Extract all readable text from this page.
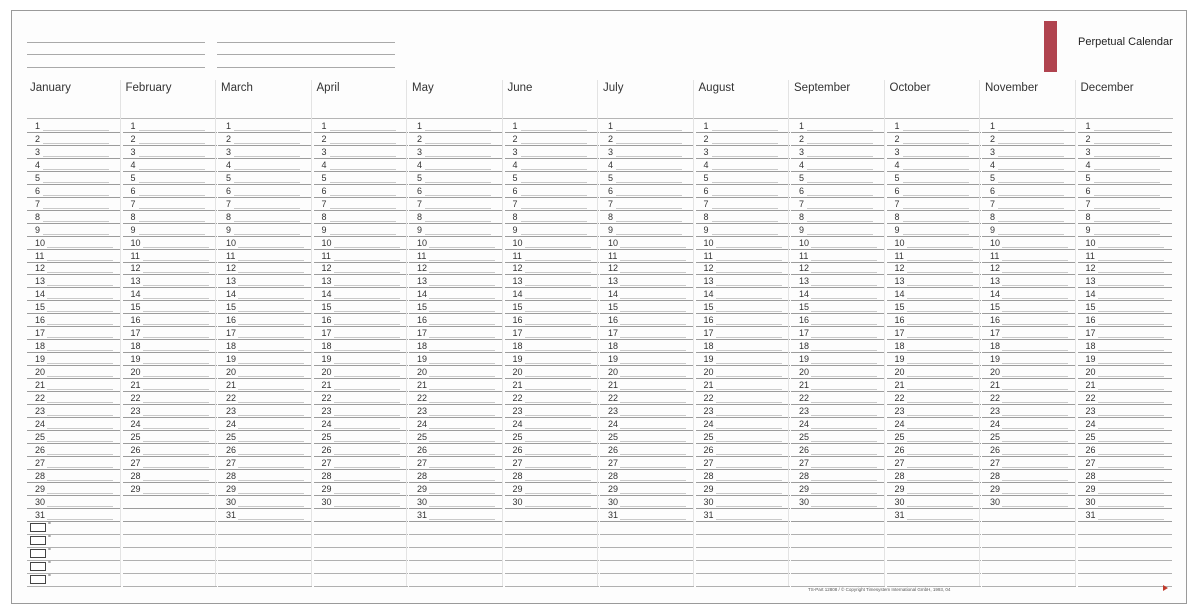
Perpetual Calendar
January
1
2
3
4
5
6
7
8
9
10
11
12
13
14
15
16
17
18
19
20
21
22
23
24
25
26
27
28
29
30
31
=
=
=
=
=
February
1
2
3
4
5
6
7
8
9
10
11
12
13
14
15
16
17
18
19
20
21
22
23
24
25
26
27
28
29
March
1
2
3
4
5
6
7
8
9
10
11
12
13
14
15
16
17
18
19
20
21
22
23
24
25
26
27
28
29
30
31
April
1
2
3
4
5
6
7
8
9
10
11
12
13
14
15
16
17
18
19
20
21
22
23
24
25
26
27
28
29
30
May
1
2
3
4
5
6
7
8
9
10
11
12
13
14
15
16
17
18
19
20
21
22
23
24
25
26
27
28
29
30
31
June
1
2
3
4
5
6
7
8
9
10
11
12
13
14
15
16
17
18
19
20
21
22
23
24
25
26
27
28
29
30
July
1
2
3
4
5
6
7
8
9
10
11
12
13
14
15
16
17
18
19
20
21
22
23
24
25
26
27
28
29
30
31
August
1
2
3
4
5
6
7
8
9
10
11
12
13
14
15
16
17
18
19
20
21
22
23
24
25
26
27
28
29
30
31
September
1
2
3
4
5
6
7
8
9
10
11
12
13
14
15
16
17
18
19
20
21
22
23
24
25
26
27
28
29
30
October
1
2
3
4
5
6
7
8
9
10
11
12
13
14
15
16
17
18
19
20
21
22
23
24
25
26
27
28
29
30
31
November
1
2
3
4
5
6
7
8
9
10
11
12
13
14
15
16
17
18
19
20
21
22
23
24
25
26
27
28
29
30
December
1
2
3
4
5
6
7
8
9
10
11
12
13
14
15
16
17
18
19
20
21
22
23
24
25
26
27
28
29
30
31
TS-Part 12808 / © Copyright Timesystem International GmbH, 1993, 04
